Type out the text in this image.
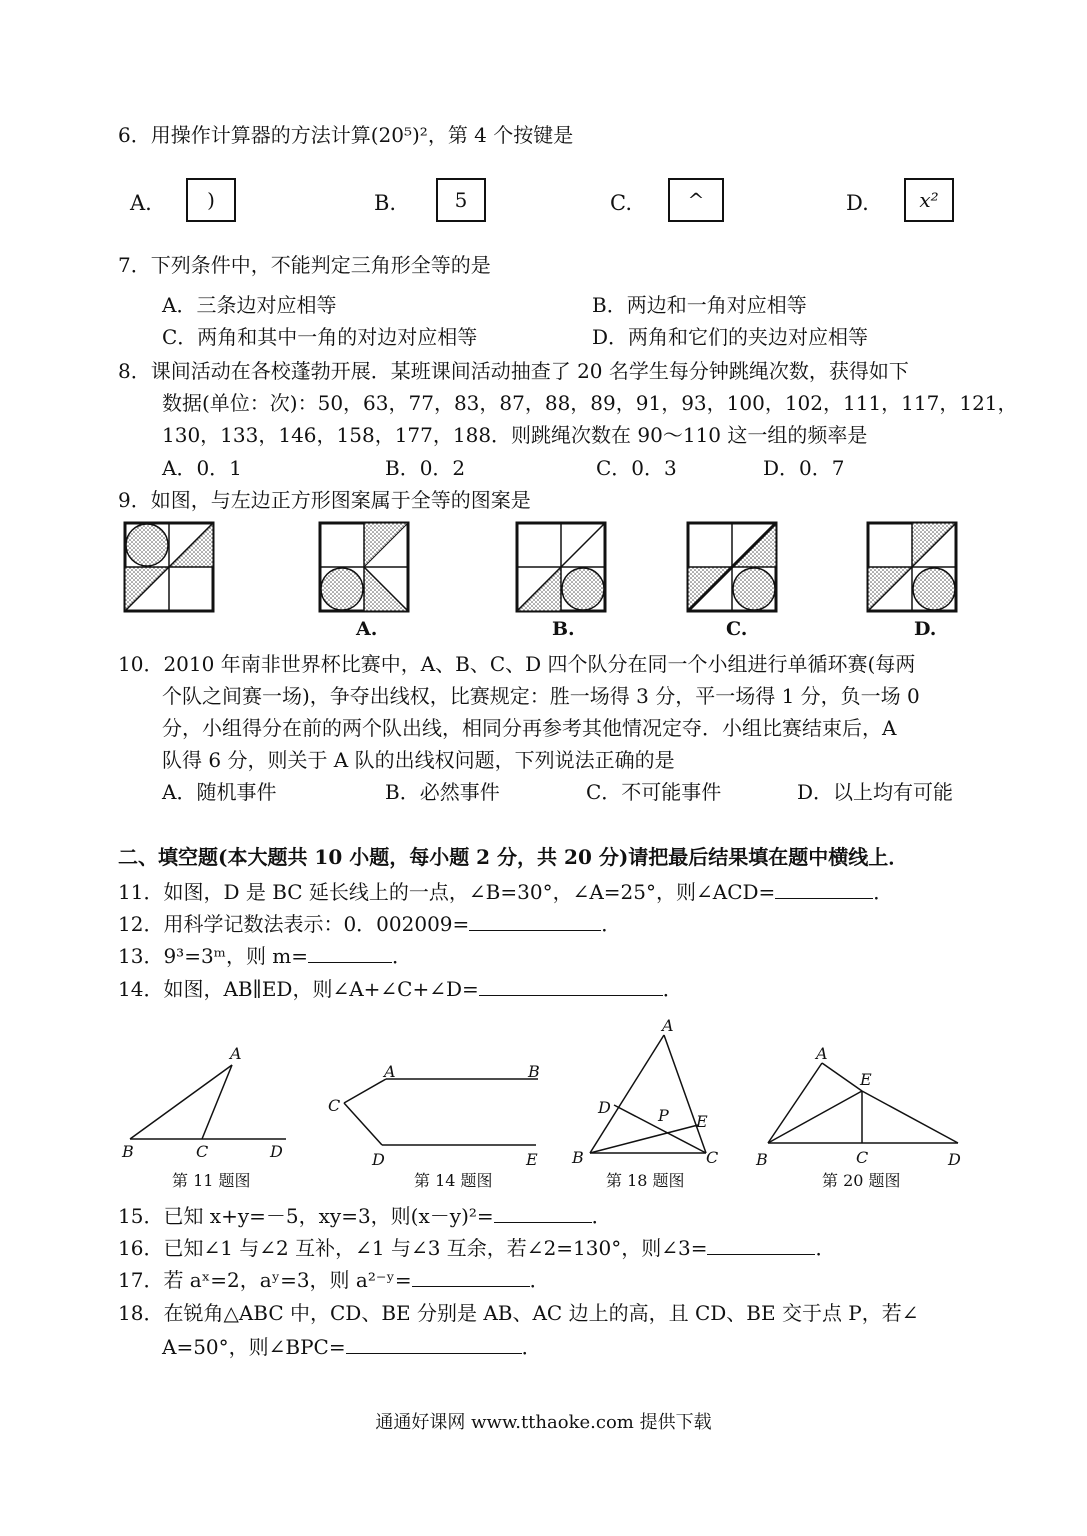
6．用操作计算器的方法计算(20⁵)²，第 4 个按键是
A.	)	B.	5	C.	^	D.	x²
7．下列条件中，不能判定三角形全等的是
A．三条边对应相等	B．两边和一角对应相等
C．两角和其中一角的对边对应相等	D．两角和它们的夹边对应相等
8．课间活动在各校蓬勃开展．某班课间活动抽查了 20 名学生每分钟跳绳次数，获得如下
数据(单位：次)：50，63，77，83，87，88，89，91，93，100，102，111，117，121，
130，133，146，158，177，188．则跳绳次数在 90～110 这一组的频率是
A．0．1	B．0．2	C．0．3	D．0．7
9．如图，与左边正方形图案属于全等的图案是
A.	B.	C.	D.
10．2010 年南非世界杯比赛中，A、B、C、D 四个队分在同一个小组进行单循环赛(每两
个队之间赛一场)，争夺出线权，比赛规定：胜一场得 3 分，平一场得 1 分，负一场 0
分，小组得分在前的两个队出线，相同分再参考其他情况定夺．小组比赛结束后，A
队得 6 分，则关于 A 队的出线权问题，下列说法正确的是
A．随机事件	B．必然事件	C．不可能事件	D．以上均有可能
二、填空题(本大题共 10 小题，每小题 2 分，共 20 分)请把最后结果填在题中横线上．
11．如图，D 是 BC 延长线上的一点，∠B=30°，∠A=25°，则∠ACD=	．
12．用科学记数法表示：0．002009=	．
13．9³=3ᵐ，则 m=	．
14．如图，AB∥ED，则∠A+∠C+∠D=	．
A
B	C	D
A	B
C
D	E
A
B	C
D
E
P
A
B	C	D
E
第 11 题图	第 14 题图	第 18 题图	第 20 题图
15．已知 x+y=－5，xy=3，则(x－y)²=	．
16．已知∠1 与∠2 互补，∠1 与∠3 互余，若∠2=130°，则∠3=	．
17．若 aˣ=2，aʸ=3，则 a²⁻ʸ=	．
18．在锐角△ABC 中，CD、BE 分别是 AB、AC 边上的高，且 CD、BE 交于点 P，若∠
A=50°，则∠BPC=	．
通通好课网 www.tthaoke.com 提供下载
